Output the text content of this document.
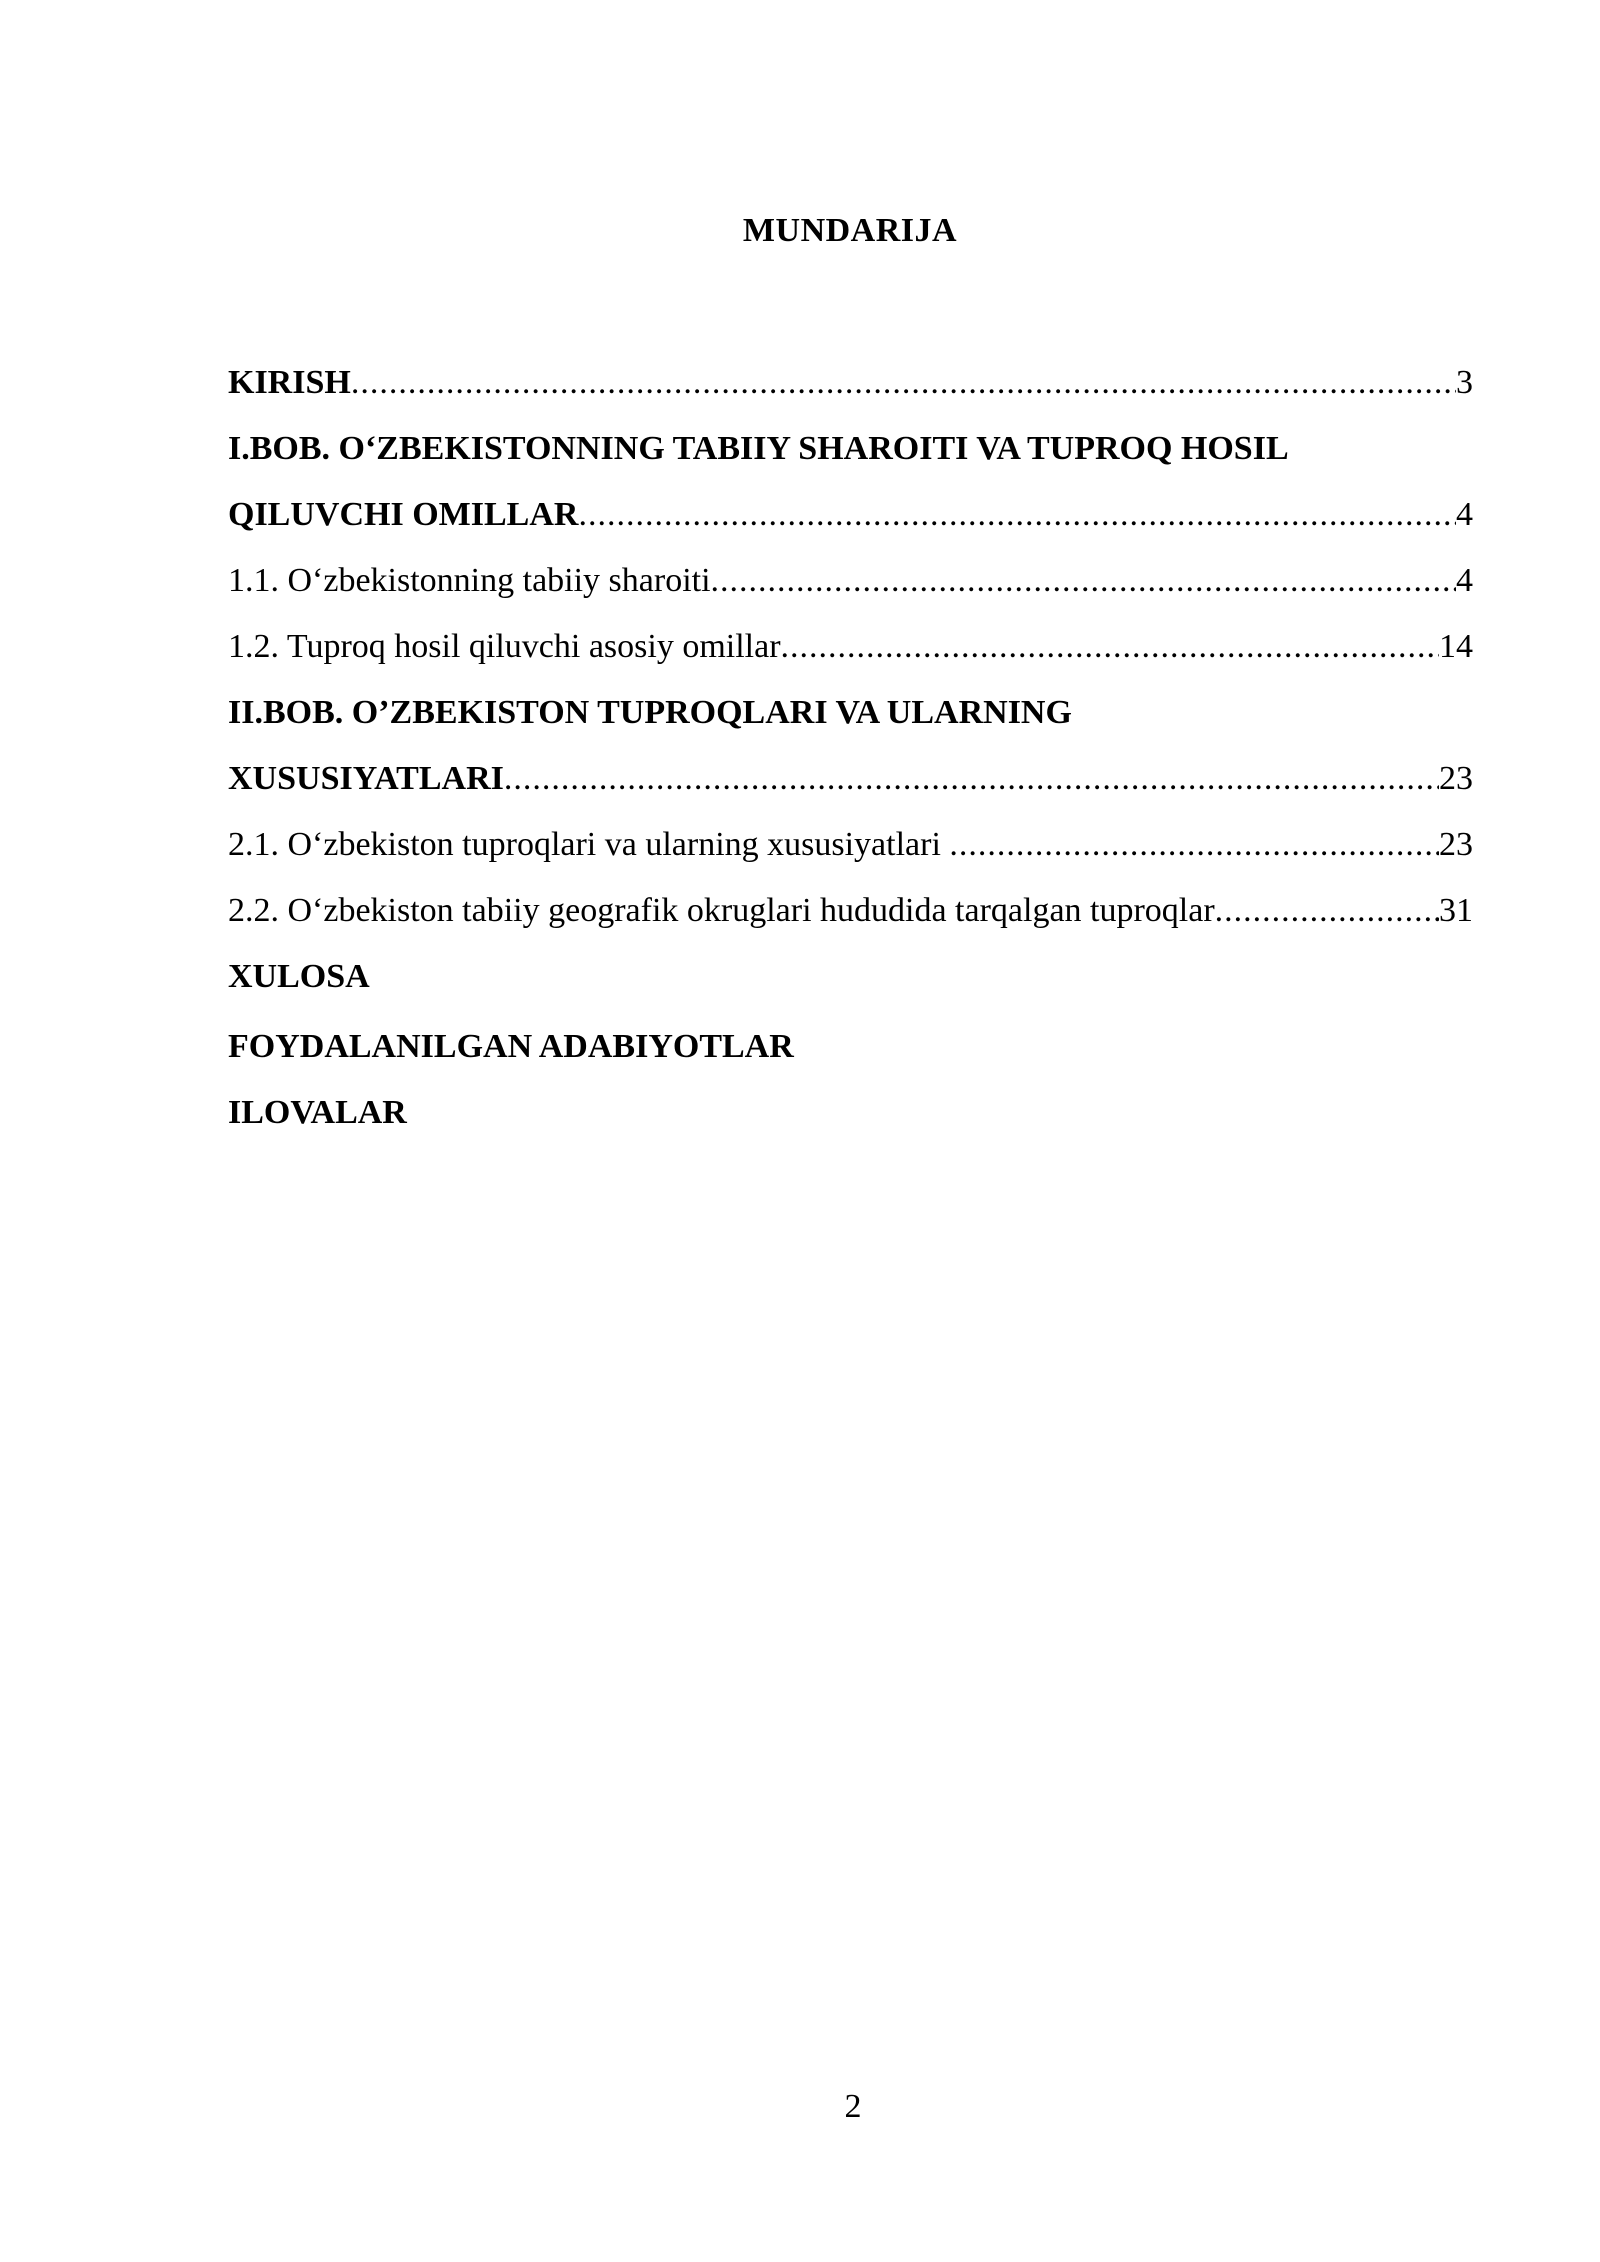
MUNDARIJA
KIRISH .....	3
I.BOB. O‘ZBEKISTONNING TABIIY SHAROITI VA TUPROQ HOSIL
QILUVCHI OMILLAR .....	4
1.1. O‘zbekistonning tabiiy sharoiti .....	4
1.2. Tuproq hosil qiluvchi asosiy omillar .....	14
II.BOB. O’ZBEKISTON TUPROQLARI VA ULARNING
XUSUSIYATLARI .....	23
2.1. O‘zbekiston tuproqlari va ularning xususiyatlari .....	23
2.2. O‘zbekiston tabiiy geografik okruglari hududida tarqalgan tuproqlar .....	31
XULOSA
FOYDALANILGAN ADABIYOTLAR
ILOVALAR
2
